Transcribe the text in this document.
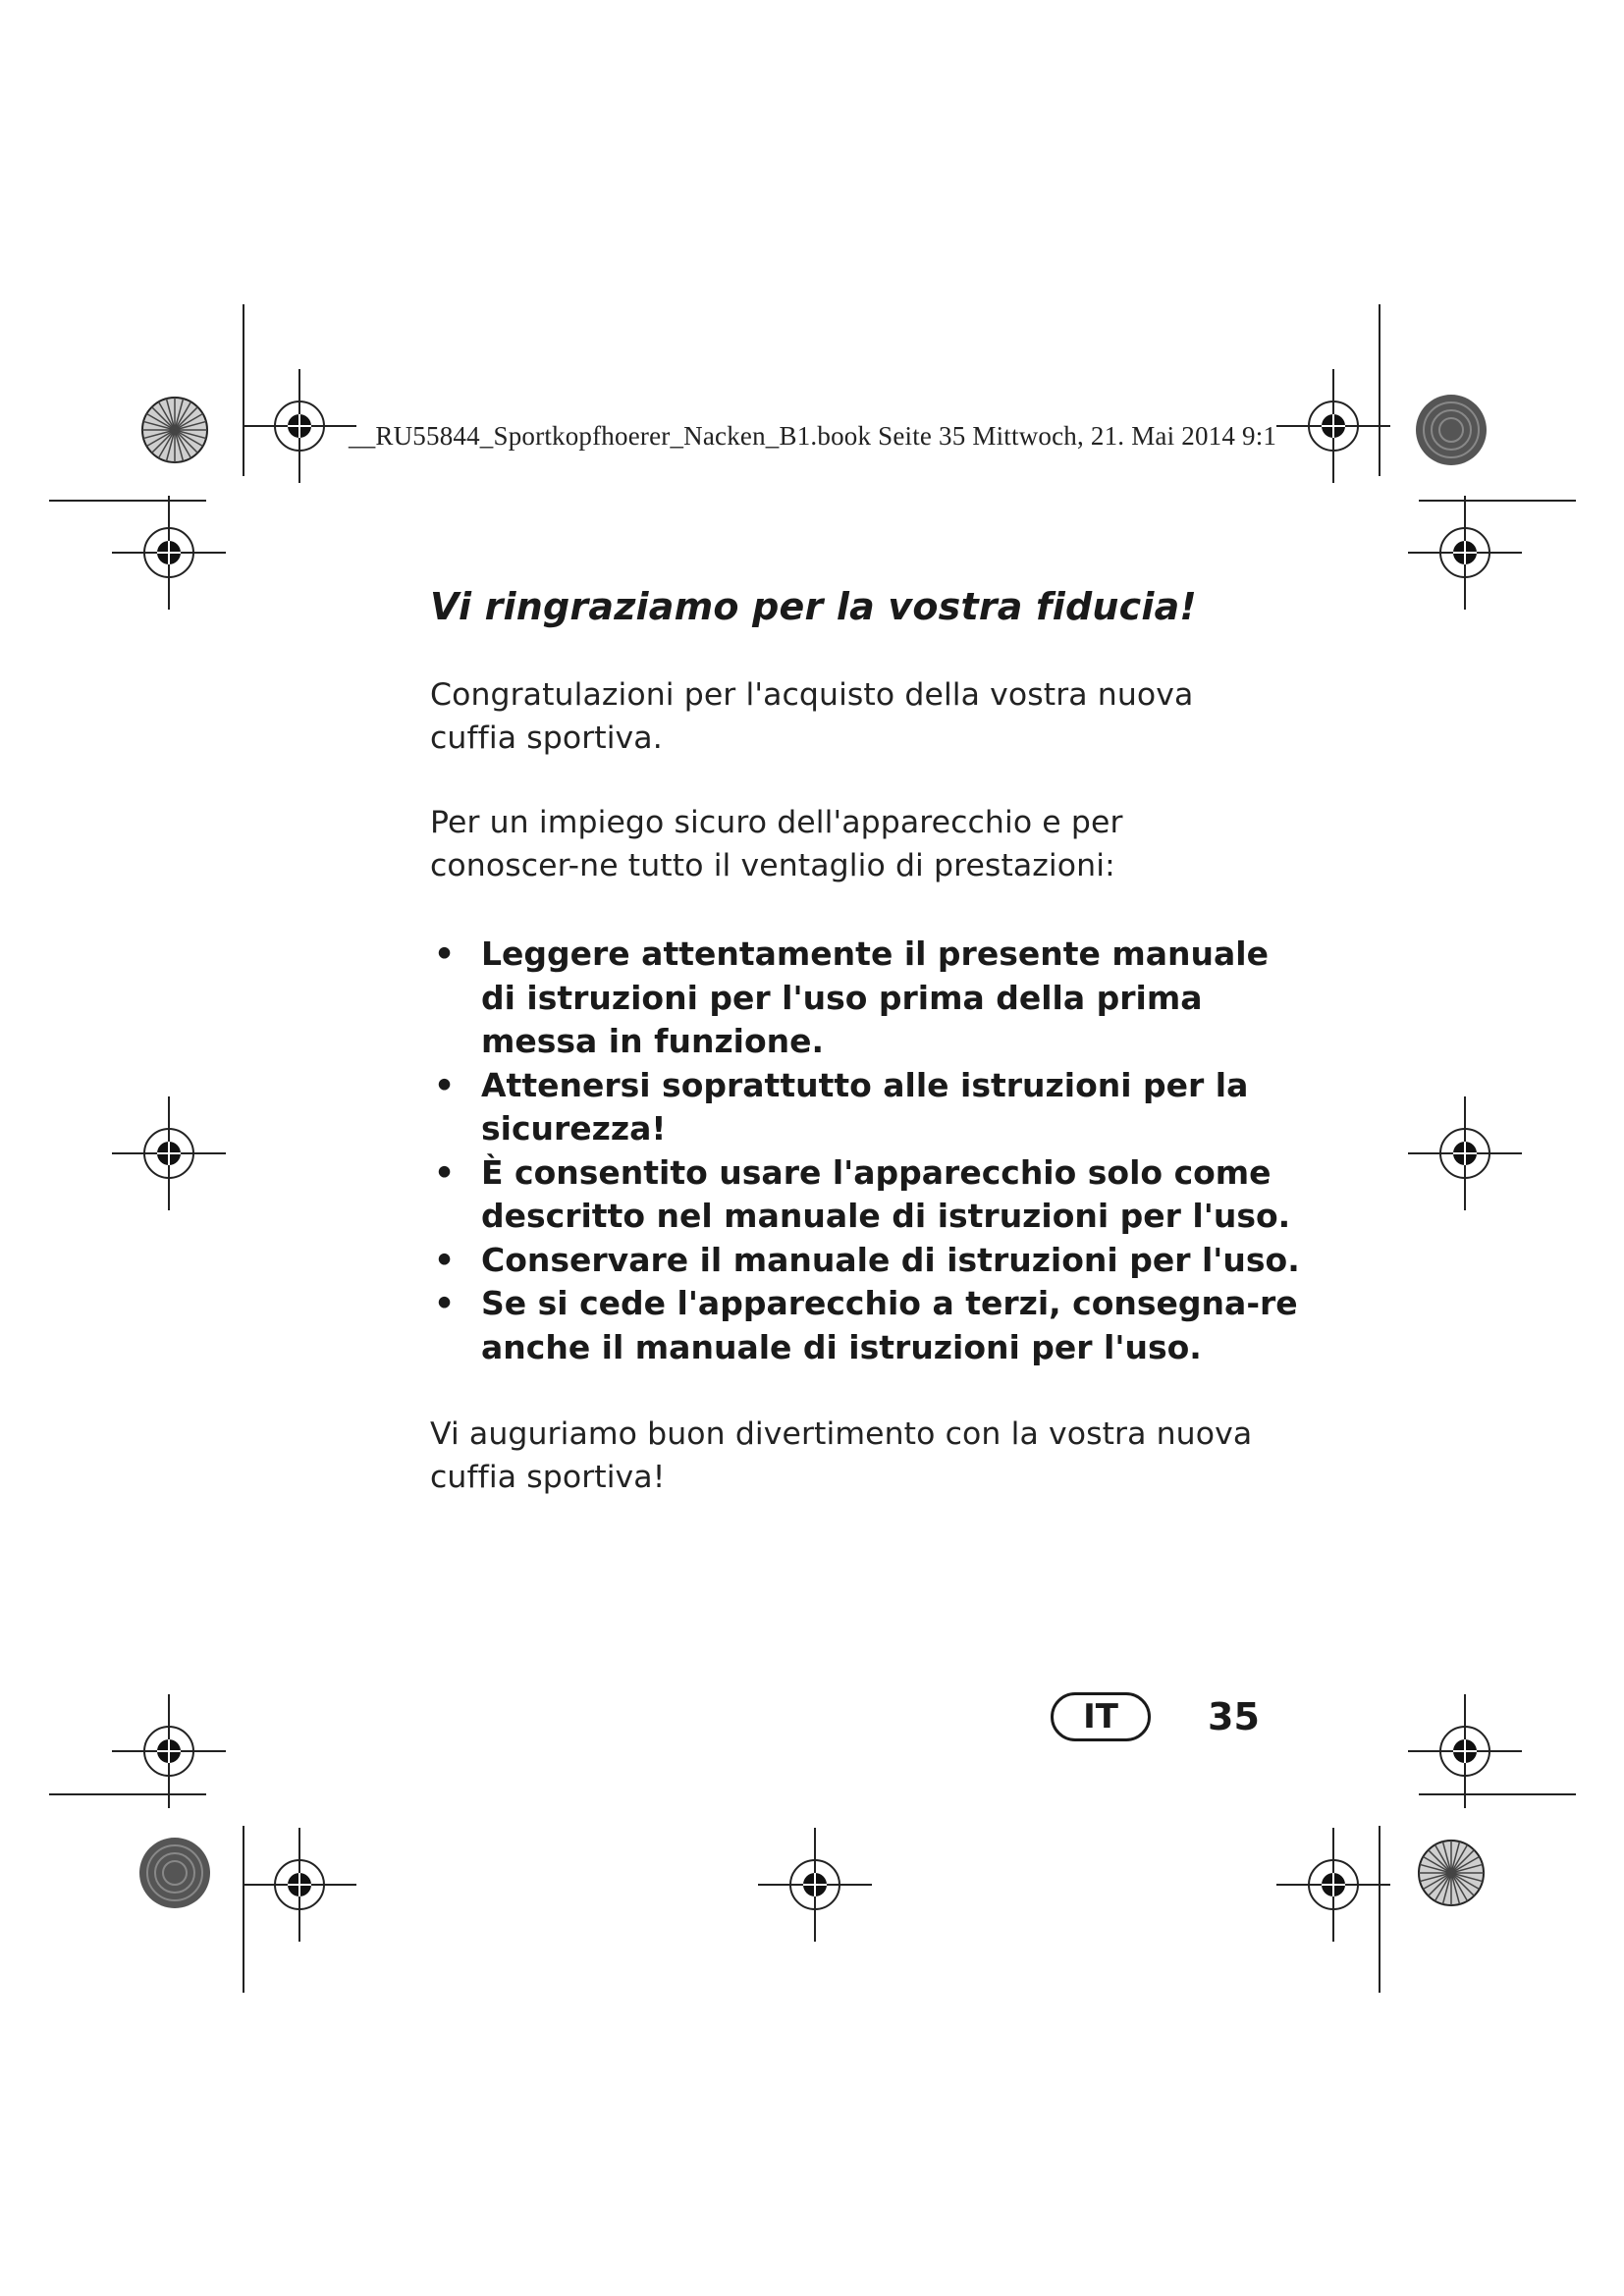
__RU55844_Sportkopfhoerer_Nacken_B1.book Seite 35 Mittwoch, 21. Mai 2014 9:1
Vi ringraziamo per la vostra fiducia!

Congratulazioni per l'acquisto della vostra nuova cuffia sportiva.

Per un impiego sicuro dell'apparecchio e per conoscer-ne tutto il ventaglio di prestazioni:

• Leggere attentamente il presente manuale di istruzioni per l'uso prima della prima messa in funzione.
• Attenersi soprattutto alle istruzioni per la sicurezza!
• È consentito usare l'apparecchio solo come descritto nel manuale di istruzioni per l'uso.
• Conservare il manuale di istruzioni per l'uso.
• Se si cede l'apparecchio a terzi, consegna-re anche il manuale di istruzioni per l'uso.

Vi auguriamo buon divertimento con la vostra nuova cuffia sportiva!

IT	35
